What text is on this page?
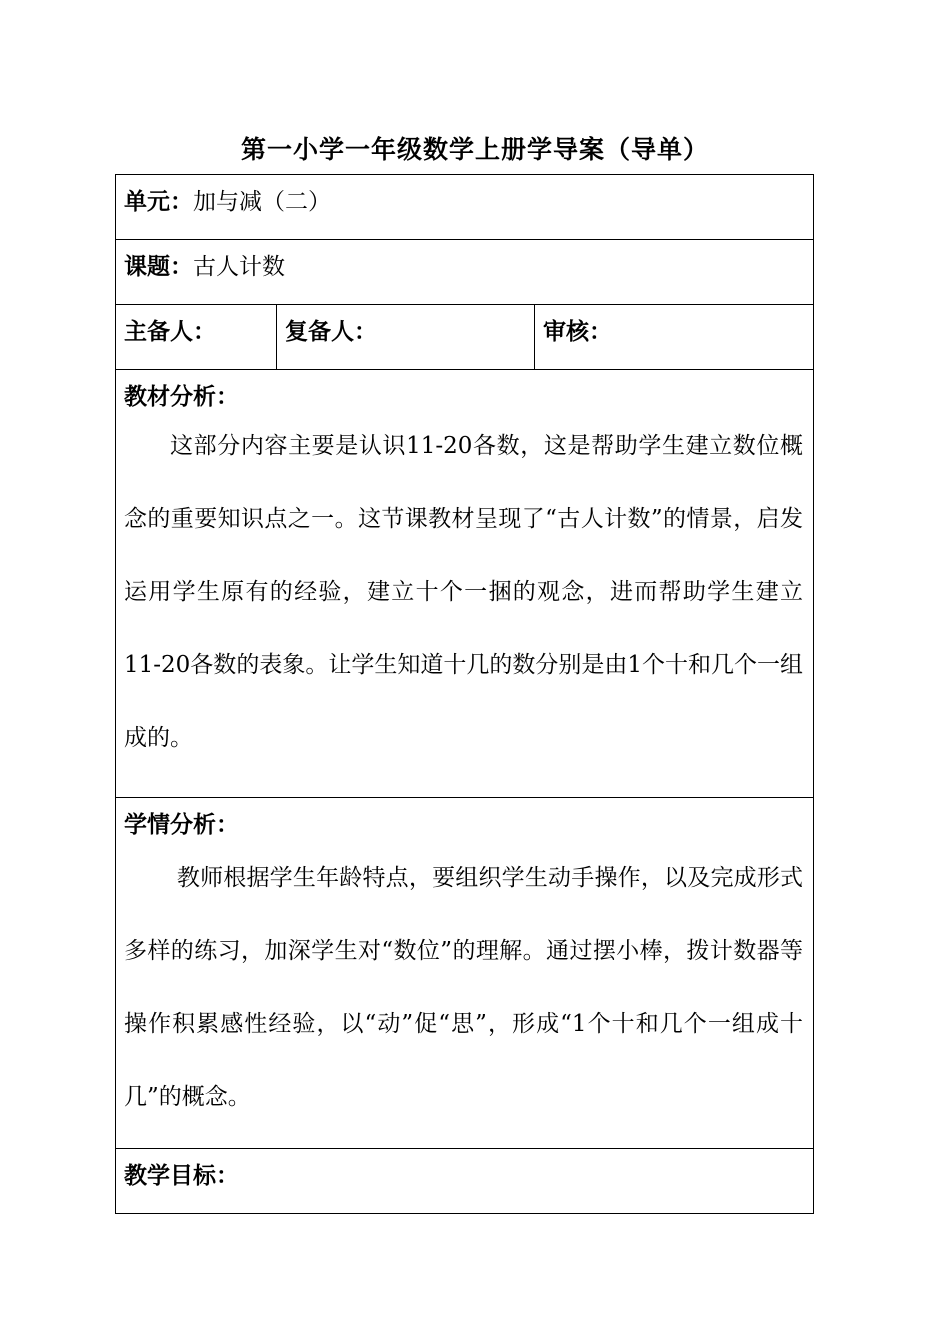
第一小学一年级数学上册学导案（导单）
单元：加与减（二）

课题：古人计数

主备人：	复备人：	审核：

教材分析：

这部分内容主要是认识11-20各数，这是帮助学生建立数位概念的重要知识点之一。这节课教材呈现了“古人计数”的情景，启发运用学生原有的经验，建立十个一捆的观念，进而帮助学生建立11-20各数的表象。让学生知道十几的数分别是由1个十和几个一组成的。

学情分析：

教师根据学生年龄特点，要组织学生动手操作，以及完成形式多样的练习，加深学生对“数位”的理解。通过摆小棒，拨计数器等操作积累感性经验，以“动”促“思”，形成“1个十和几个一组成十几”的概念。

教学目标：
